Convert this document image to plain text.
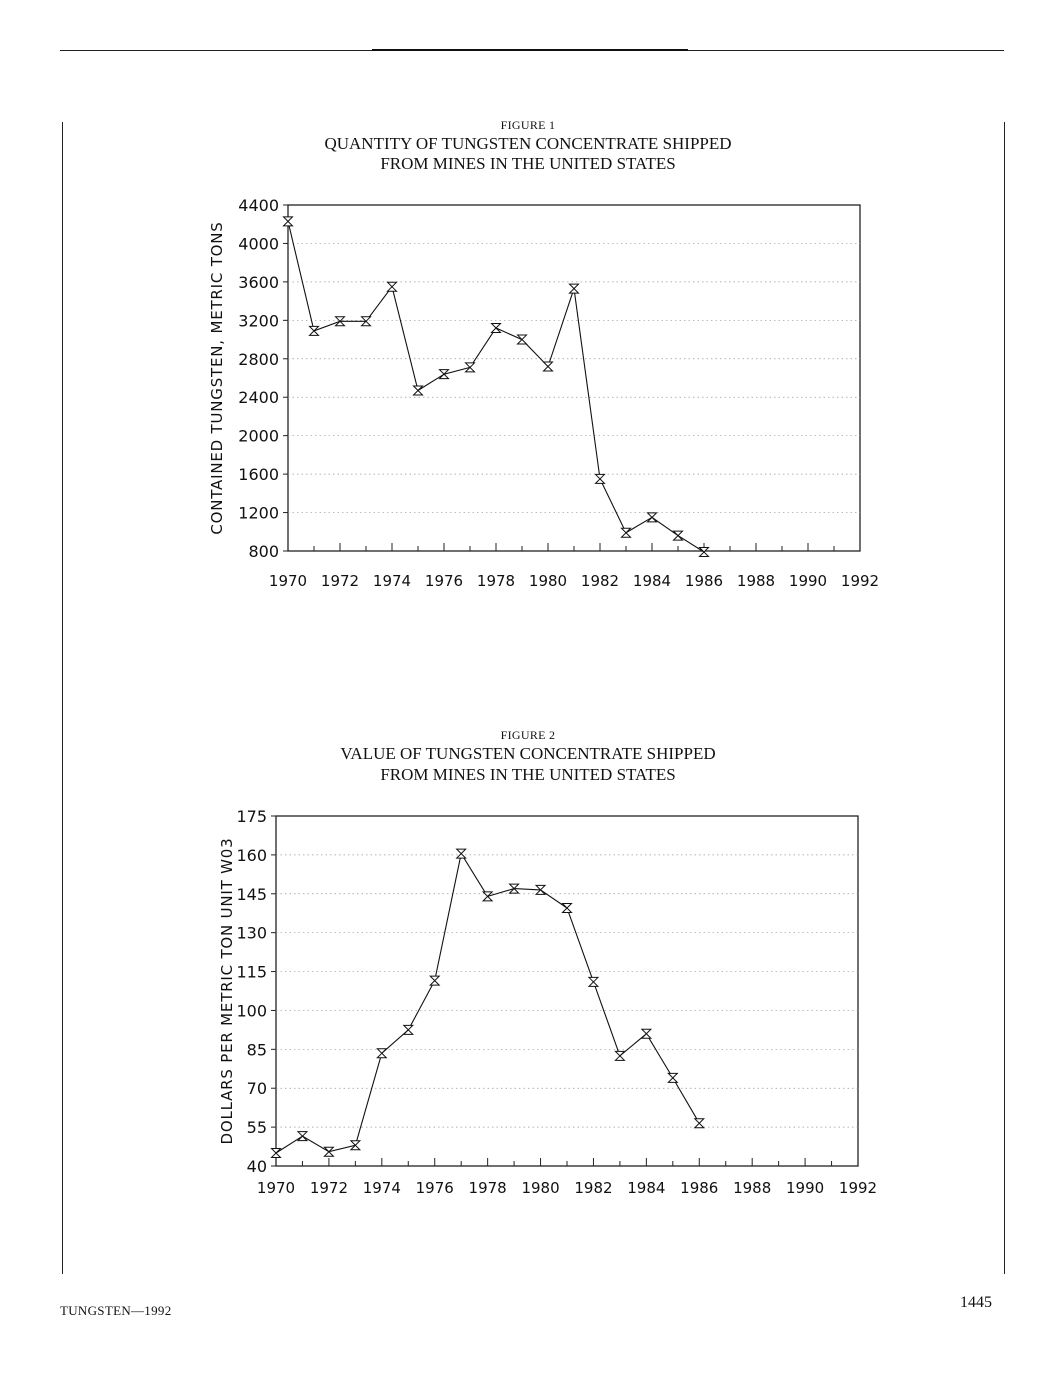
FIGURE 1
QUANTITY OF TUNGSTEN CONCENTRATE SHIPPED
FROM MINES IN THE UNITED STATES
800
1200
1600
2000
2400
2800
3200
3600
4000
4400
1970 1972 1974 1976 1978 1980 1982 1984 1986 1988 1990 1992
CONTAINED TUNGSTEN, METRIC TONS
FIGURE 2
VALUE OF TUNGSTEN CONCENTRATE SHIPPED
FROM MINES IN THE UNITED STATES
40
55
70
85
100
115
130
145
160
175
1970 1972 1974 1976 1978 1980 1982 1984 1986 1988 1990 1992
DOLLARS PER METRIC TON UNIT W03
TUNGSTEN—1992	1445
